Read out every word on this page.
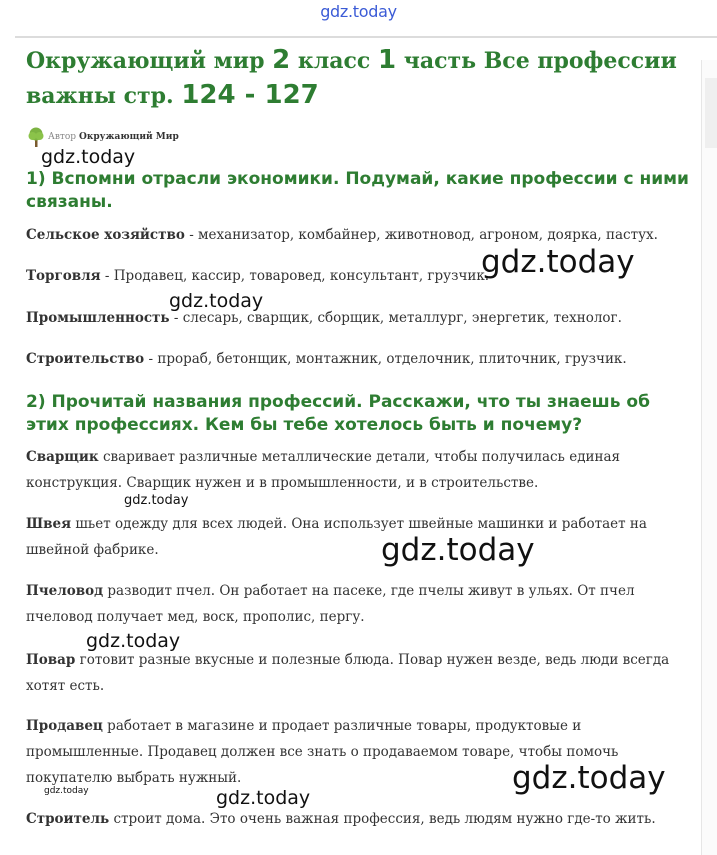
gdz.today
Окружающий мир 2 класс 1 часть Все профессии важны стр. 124 - 127
Автор Окружающий Мир
1) Вспомни отрасли экономики. Подумай, какие профессии с ними связаны.

Сельское хозяйство - механизатор, комбайнер, животновод, агроном, доярка, пастух.

Торговля - Продавец, кассир, товаровед, консультант, грузчик.

Промышленность - слесарь, сварщик, сборщик, металлург, энергетик, технолог.

Строительство - прораб, бетонщик, монтажник, отделочник, плиточник, грузчик.

2) Прочитай названия профессий. Расскажи, что ты знаешь об этих профессиях. Кем бы тебе хотелось быть и почему?

Сварщик сваривает различные металлические детали, чтобы получилась единая конструкция. Сварщик нужен и в промышленности, и в строительстве.

Швея шьет одежду для всех людей. Она использует швейные машинки и работает на швейной фабрике.

Пчеловод разводит пчел. Он работает на пасеке, где пчелы живут в ульях. От пчел пчеловод получает мед, воск, прополис, пергу.

Повар готовит разные вкусные и полезные блюда. Повар нужен везде, ведь люди всегда хотят есть.

Продавец работает в магазине и продает различные товары, продуктовые и промышленные. Продавец должен все знать о продаваемом товаре, чтобы помочь покупателю выбрать нужный.

Строитель строит дома. Это очень важная профессия, ведь людям нужно где-то жить.

gdz.today
gdz.today
gdz.today
gdz.today
gdz.today
gdz.today
gdz.today
gdz.today	gdz.today
